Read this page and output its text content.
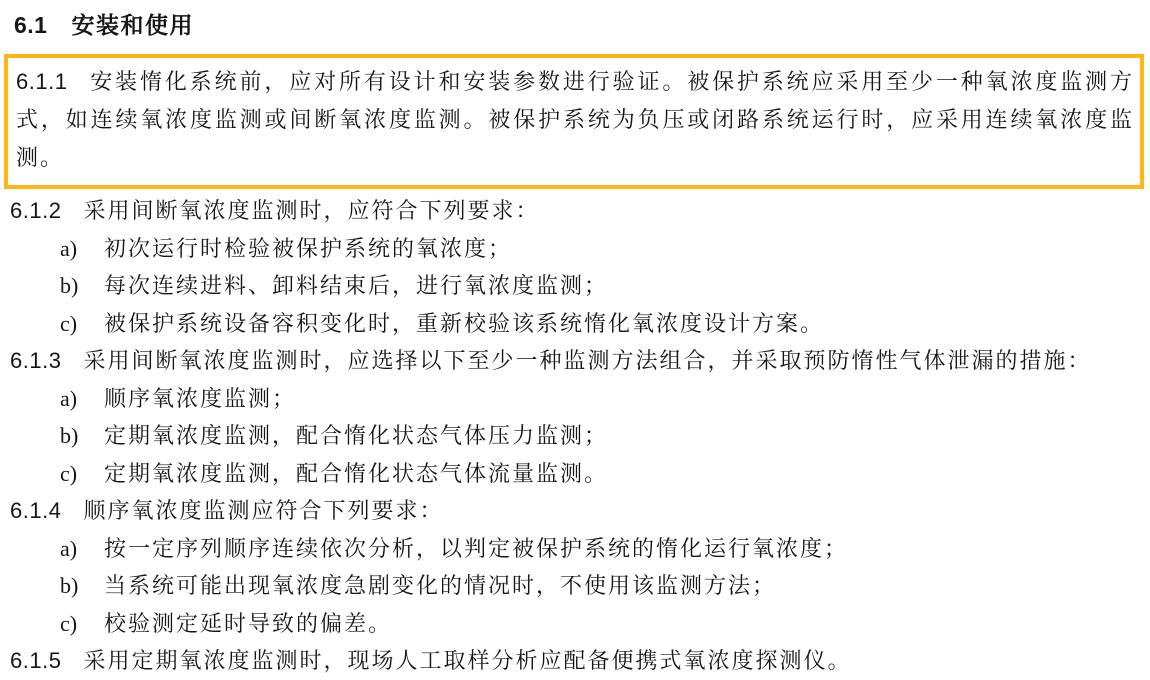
6.1 安装和使用

6.1.1 安装惰化系统前，应对所有设计和安装参数进行验证。被保护系统应采用至少一种氧浓度监测方式，如连续氧浓度监测或间断氧浓度监测。被保护系统为负压或闭路系统运行时，应采用连续氧浓度监测。

6.1.2 采用间断氧浓度监测时，应符合下列要求：

a) 初次运行时检验被保护系统的氧浓度；
b) 每次连续进料、卸料结束后，进行氧浓度监测；
c) 被保护系统设备容积变化时，重新校验该系统惰化氧浓度设计方案。

6.1.3 采用间断氧浓度监测时，应选择以下至少一种监测方法组合，并采取预防惰性气体泄漏的措施：

a) 顺序氧浓度监测；
b) 定期氧浓度监测，配合惰化状态气体压力监测；
c) 定期氧浓度监测，配合惰化状态气体流量监测。

6.1.4 顺序氧浓度监测应符合下列要求：

a) 按一定序列顺序连续依次分析，以判定被保护系统的惰化运行氧浓度；
b) 当系统可能出现氧浓度急剧变化的情况时，不使用该监测方法；
c) 校验测定延时导致的偏差。

6.1.5 采用定期氧浓度监测时，现场人工取样分析应配备便携式氧浓度探测仪。
